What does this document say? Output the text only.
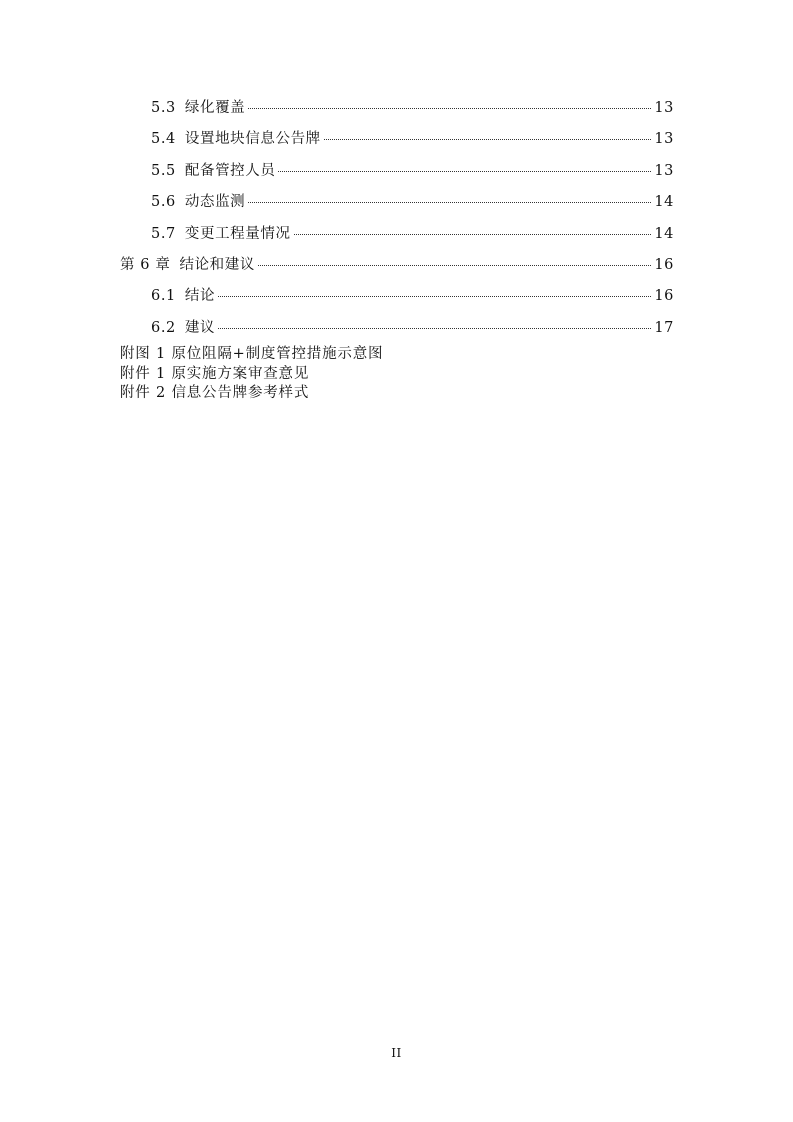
5.3 绿化覆盖	13
5.4 设置地块信息公告牌	13
5.5 配备管控人员	13
5.6 动态监测	14
5.7 变更工程量情况	14
第 6 章 结论和建议	16
6.1 结论	16
6.2 建议	17
附图 1 原位阻隔+制度管控措施示意图
附件 1 原实施方案审查意见
附件 2 信息公告牌参考样式
II
